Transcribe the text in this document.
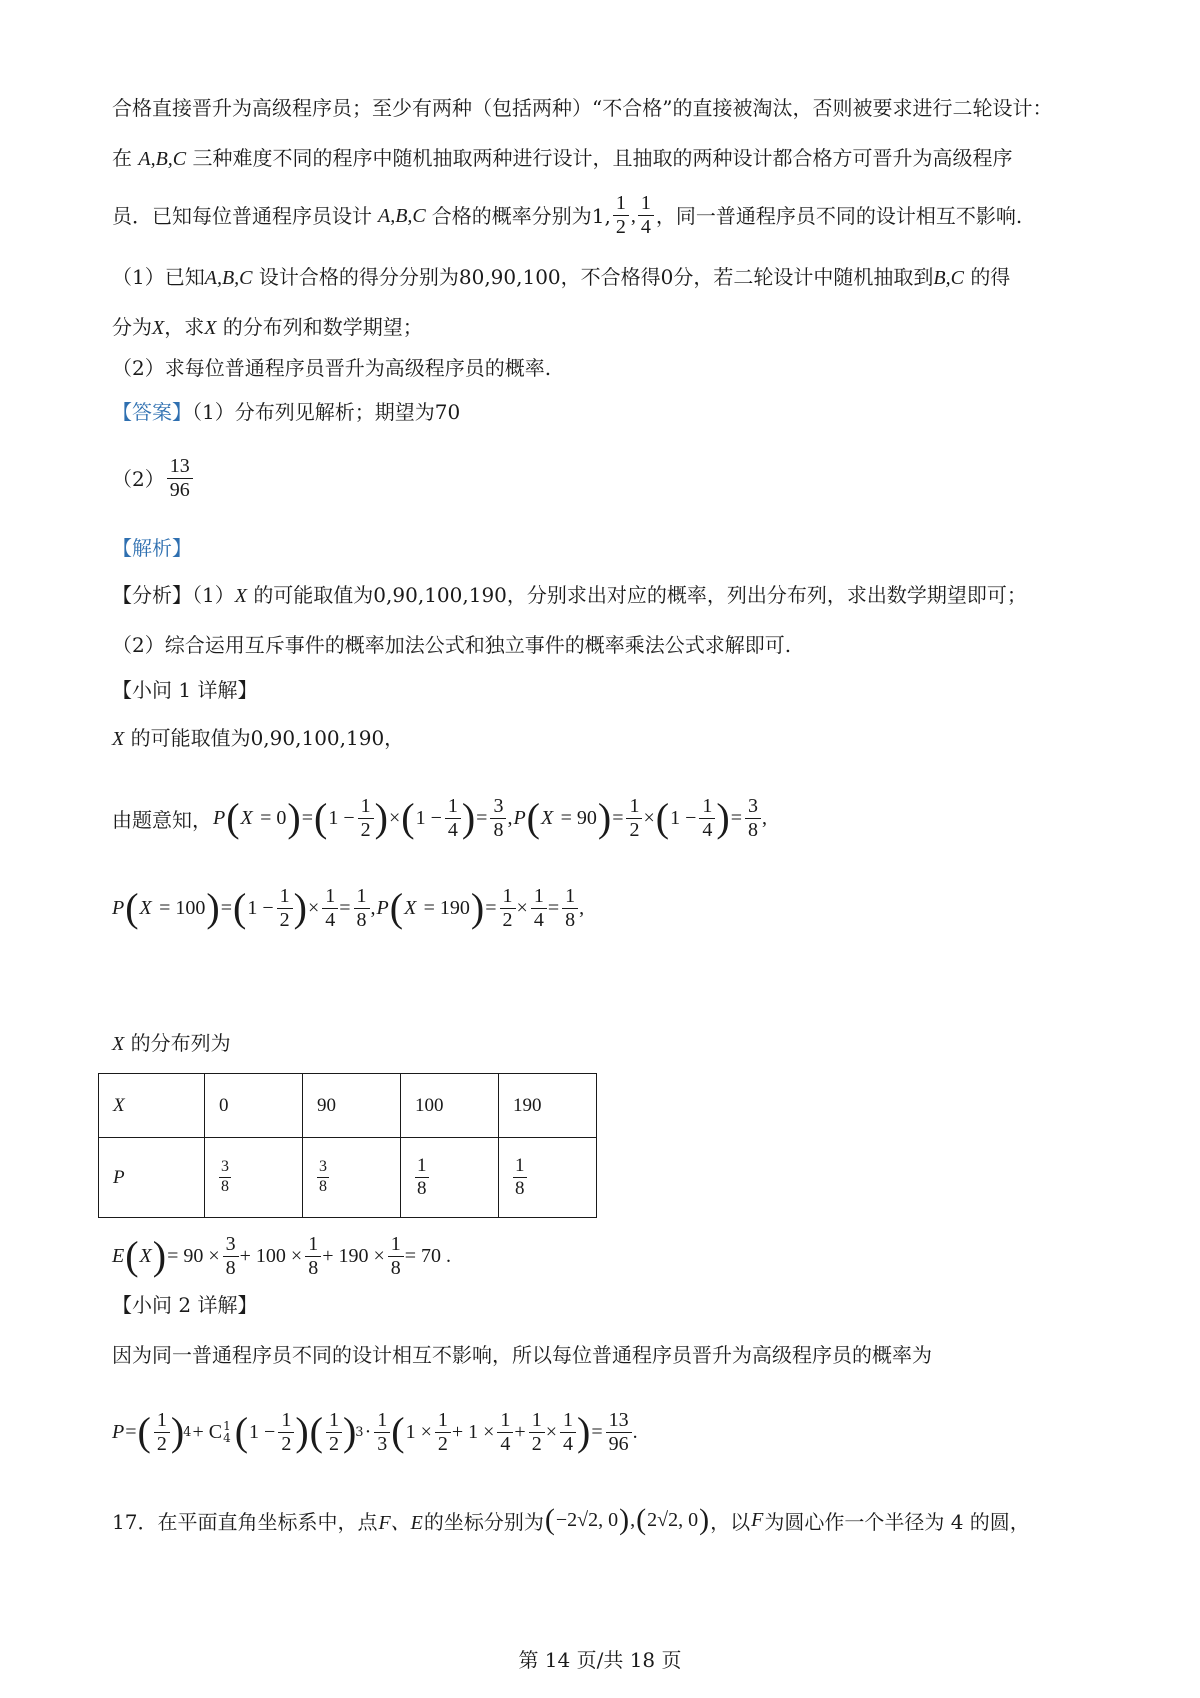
合格直接晋升为高级程序员；至少有两种（包括两种）“不合格”的直接被淘汰，否则被要求进行二轮设计：
在 A,B,C 三种难度不同的程序中随机抽取两种进行设计，且抽取的两种设计都合格方可晋升为高级程序
员．已知每位普通程序员设计 A,B,C 合格的概率分别为1, $\frac{1}{2}$ , $\frac{1}{4}$ ，同一普通程序员不同的设计相互不影响.
（1）已知A,B,C 设计合格的得分分别为80,90,100，不合格得0分，若二轮设计中随机抽取到B,C 的得
分为X，求X 的分布列和数学期望；
（2）求每位普通程序员晋升为高级程序员的概率.
【答案】（1）分布列见解析；期望为70
$(2) \frac{13}{96}$
【解析】
【分析】（1）X 的可能取值为0,90,100,190，分别求出对应的概率，列出分布列，求出数学期望即可；
（2）综合运用互斥事件的概率加法公式和独立事件的概率乘法公式求解即可.
【小问 1 详解】
X 的可能取值为0,90,100,190，
由题意知， P ( X
= 0 ) = ( $1 - \frac{1}{2}$ ) × ( $1 - \frac{1}{4}$ ) = $\frac{3}{8}$ , P ( X
= 90 ) = $\frac{1}{2}$ × ( $1 - \frac{1}{4}$ ) = $\frac{3}{8}$ ,
P ( X
= 100 ) = ( $1 - \frac{1}{2}$ ) × $\frac{1}{4} = \frac{1}{8}$ , P ( X
= 190 ) = $\frac{1}{2} \times \frac{1}{4} = \frac{1}{8}$ ,
X 的分布列为
X	0	90	100	190
P	$\frac{3}{8}$	$\frac{3}{8}$	$\frac{1}{8}$	$\frac{1}{8}$
E ( X ) = $90 \times \frac{3}{8} + 100 \times \frac{1}{8} + 190 \times \frac{1}{8} = 70$ .
【小问 2 详解】
因为同一普通程序员不同的设计相互不影响，所以每位普通程序员晋升为高级程序员的概率为
P = ( $\frac{1}{2}$ ) 4 + C 1
4 ( $1 - \frac{1}{2}$ ) ( $\frac{1}{2}$ ) $3 \cdot \frac{1}{3}$ ( $1 \times \frac{1}{2} + 1 \times \frac{1}{4} + \frac{1}{2} \times \frac{1}{4}$ ) = $\frac{13}{96}$ .
17．在平面直角坐标系中，点 F、E 的坐标分别为 ( −2√2, 0 ) , ( 2√2, 0 ) ，以 F 为圆心作一个半径为 4 的圆，
第 14 页/共 18 页
